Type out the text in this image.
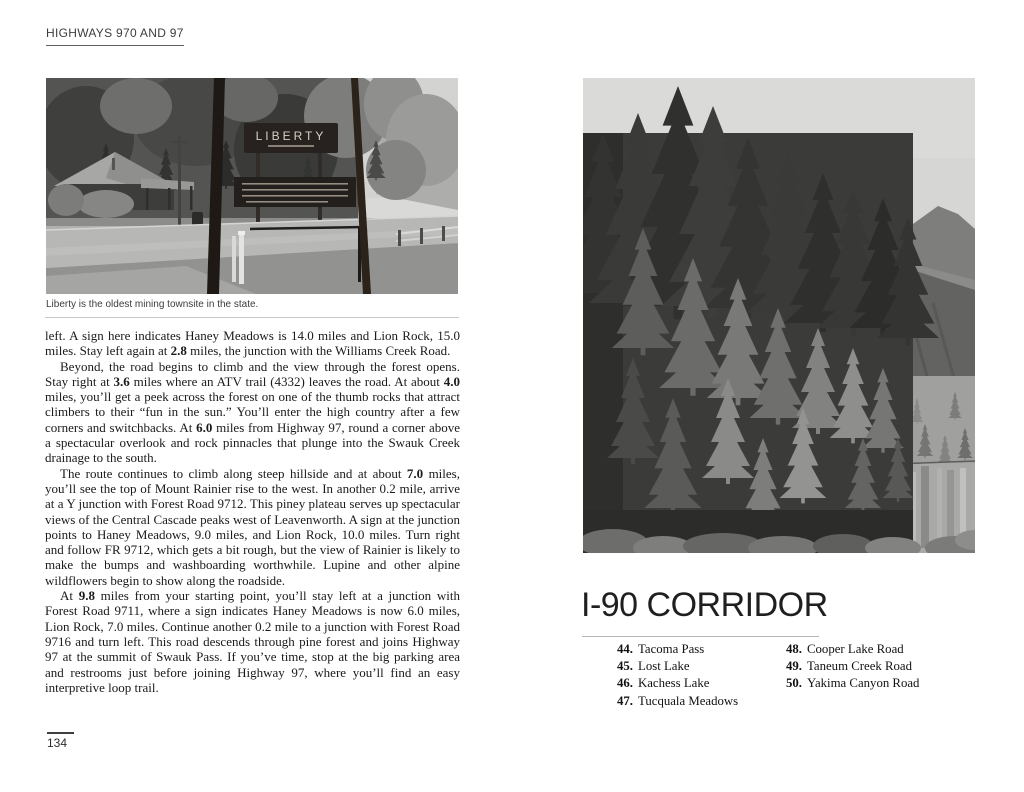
HIGHWAYS 970 AND 97
LIBERTY
Liberty is the oldest mining townsite in the state.

left. A sign here indicates Haney Meadows is 14.0 miles and Lion Rock, 15.0 miles. Stay left again at 2.8 miles, the junction with the Williams Creek Road.

Beyond, the road begins to climb and the view through the forest opens. Stay right at 3.6 miles where an ATV trail (4332) leaves the road. At about 4.0 miles, you’ll get a peek across the forest on one of the thumb rocks that attract climbers to their “fun in the sun.” You’ll enter the high country after a few corners and switchbacks. At 6.0 miles from Highway 97, round a corner above a spectacular overlook and rock pinnacles that plunge into the Swauk Creek drainage to the south.

The route continues to climb along steep hillside and at about 7.0 miles, you’ll see the top of Mount Rainier rise to the west. In another 0.2 mile, arrive at a Y junction with Forest Road 9712. This piney plateau serves up spectacular views of the Central Cascade peaks west of Leavenworth. A sign at the junction points to Haney Meadows, 9.0 miles, and Lion Rock, 10.0 miles. Turn right and follow FR 9712, which gets a bit rough, but the view of Rainier is likely to make the bumps and washboarding worthwhile. Lupine and other alpine wildflowers begin to show along the roadside.

At 9.8 miles from your starting point, you’ll stay left at a junction with Forest Road 9711, where a sign indicates Haney Meadows is now 6.0 miles, Lion Rock, 7.0 miles. Continue another 0.2 mile to a junction with Forest Road 9716 and turn left. This road descends through pine forest and joins Highway 97 at the summit of Swauk Pass. If you’ve time, stop at the big parking area and restrooms just before joining Highway 97, where you’ll find an easy interpretive loop trail.

134
I-90 CORRIDOR
44. Tacoma Pass
45. Lost Lake
46. Kachess Lake
47. Tucquala Meadows
48. Cooper Lake Road
49. Taneum Creek Road
50. Yakima Canyon Road
